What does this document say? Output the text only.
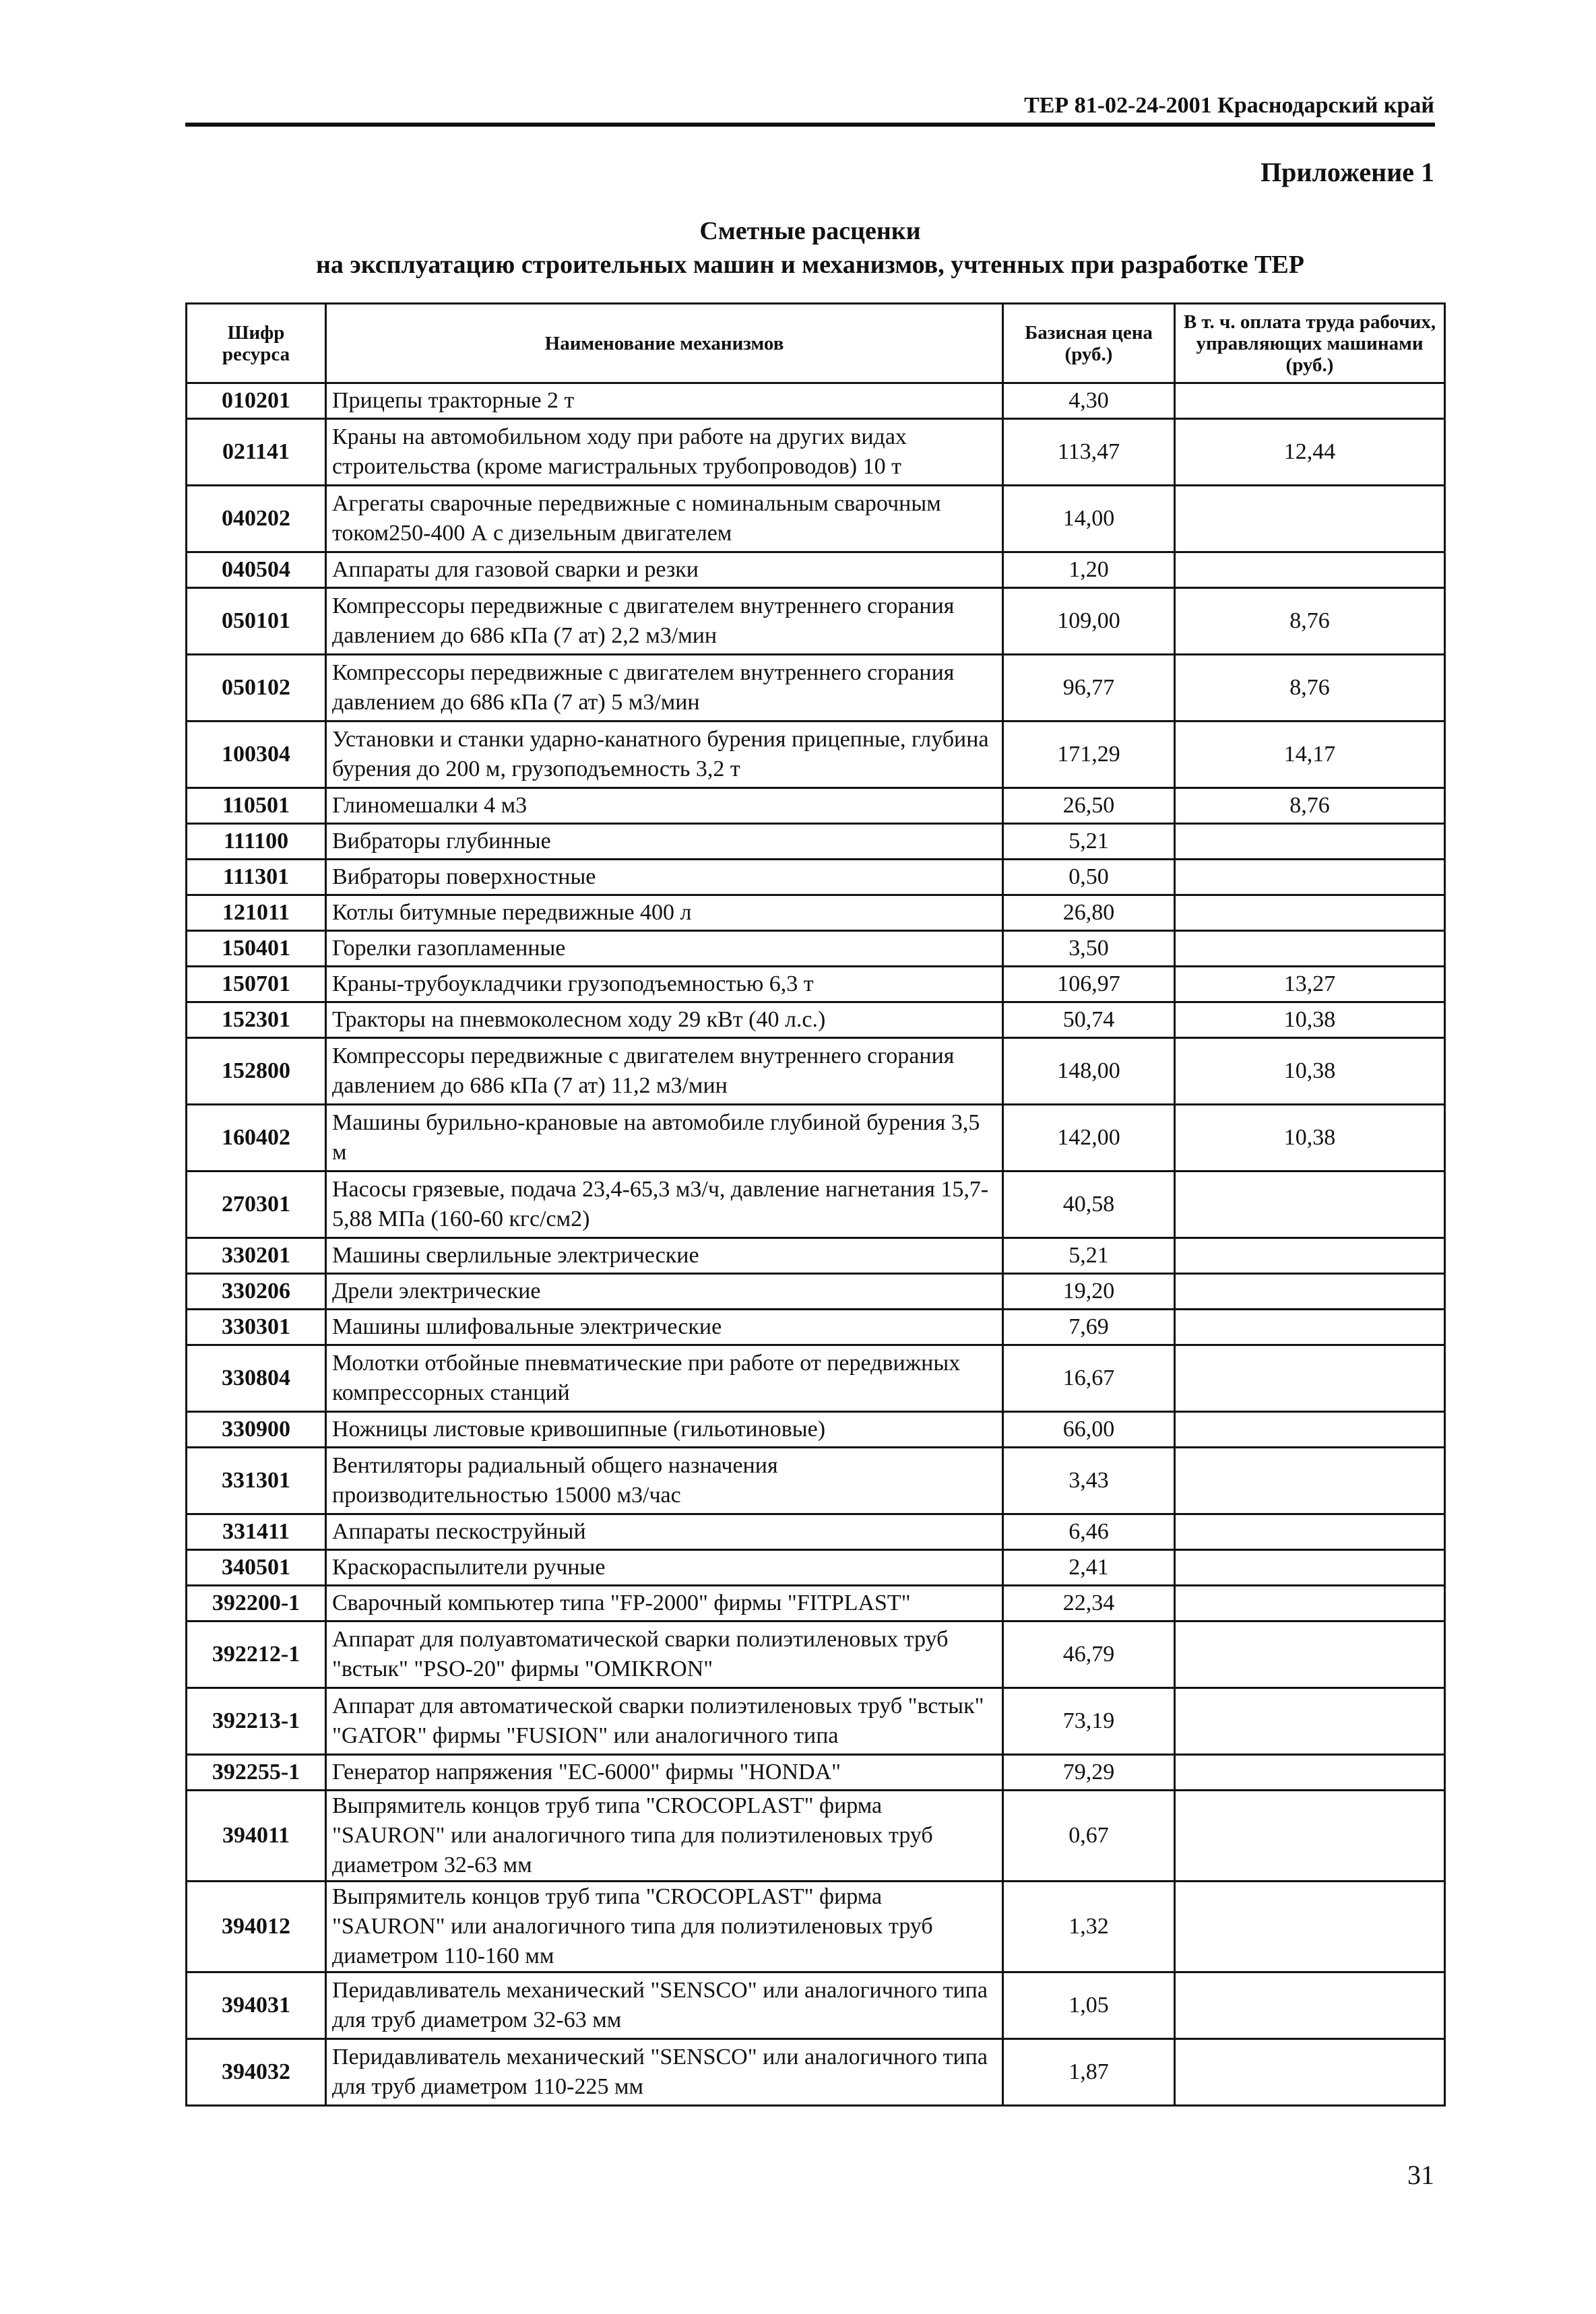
ТЕР 81-02-24-2001 Краснодарский край
Приложение 1
Сметные расценки
на эксплуатацию строительных машин и механизмов, учтенных при разработке ТЕР
Шифр ресурса	Наименование механизмов	Базисная цена (руб.)	В т. ч. оплата труда рабочих, управляющих машинами (руб.)
010201	Прицепы тракторные 2 т	4,30	
021141	Краны на автомобильном ходу при работе на других видах строительства (кроме магистральных трубопроводов) 10 т	113,47	12,44
040202	Агрегаты сварочные передвижные с номинальным сварочным током250-400 А с дизельным двигателем	14,00	
040504	Аппараты для газовой сварки и резки	1,20	
050101	Компрессоры передвижные с двигателем внутреннего сгорания давлением до 686 кПа (7 ат) 2,2 м3/мин	109,00	8,76
050102	Компрессоры передвижные с двигателем внутреннего сгорания давлением до 686 кПа (7 ат) 5 м3/мин	96,77	8,76
100304	Установки и станки ударно-канатного бурения прицепные, глубина бурения до 200 м, грузоподъемность 3,2 т	171,29	14,17
110501	Глиномешалки 4 м3	26,50	8,76
111100	Вибраторы глубинные	5,21	
111301	Вибраторы поверхностные	0,50	
121011	Котлы битумные передвижные 400 л	26,80	
150401	Горелки газопламенные	3,50	
150701	Краны-трубоукладчики грузоподъемностью 6,3 т	106,97	13,27
152301	Тракторы на пневмоколесном ходу 29 кВт (40 л.с.)	50,74	10,38
152800	Компрессоры передвижные с двигателем внутреннего сгорания давлением до 686 кПа (7 ат) 11,2 м3/мин	148,00	10,38
160402	Машины бурильно-крановые на автомобиле глубиной бурения 3,5 м	142,00	10,38
270301	Насосы грязевые, подача 23,4-65,3 м3/ч, давление нагнетания 15,7-5,88 МПа (160-60 кгс/см2)	40,58	
330201	Машины сверлильные электрические	5,21	
330206	Дрели электрические	19,20	
330301	Машины шлифовальные электрические	7,69	
330804	Молотки отбойные пневматические при работе от передвижных компрессорных станций	16,67	
330900	Ножницы листовые кривошипные (гильотиновые)	66,00	
331301	Вентиляторы радиальный общего назначения производительностью 15000 м3/час	3,43	
331411	Аппараты пескоструйный	6,46	
340501	Краскораспылители ручные	2,41	
392200-1	Сварочный компьютер типа "FP-2000" фирмы "FITPLAST"	22,34	
392212-1	Аппарат для полуавтоматической сварки полиэтиленовых труб "встык" "PSO-20" фирмы "OMIKRON"	46,79	
392213-1	Аппарат для автоматической сварки полиэтиленовых труб "встык" "GATOR" фирмы "FUSION" или аналогичного типа	73,19	
392255-1	Генератор напряжения "EC-6000" фирмы "HONDA"	79,29	
394011	Выпрямитель концов труб типа "CROCOPLAST" фирма "SAURON" или аналогичного типа для полиэтиленовых труб диаметром 32-63 мм	0,67	
394012	Выпрямитель концов труб типа "CROCOPLAST" фирма "SAURON" или аналогичного типа для полиэтиленовых труб диаметром 110-160 мм	1,32	
394031	Перидавливатель механический "SENSCO" или аналогичного типа для труб диаметром 32-63 мм	1,05	
394032	Перидавливатель механический "SENSCO" или аналогичного типа для труб диаметром 110-225 мм	1,87	
31
